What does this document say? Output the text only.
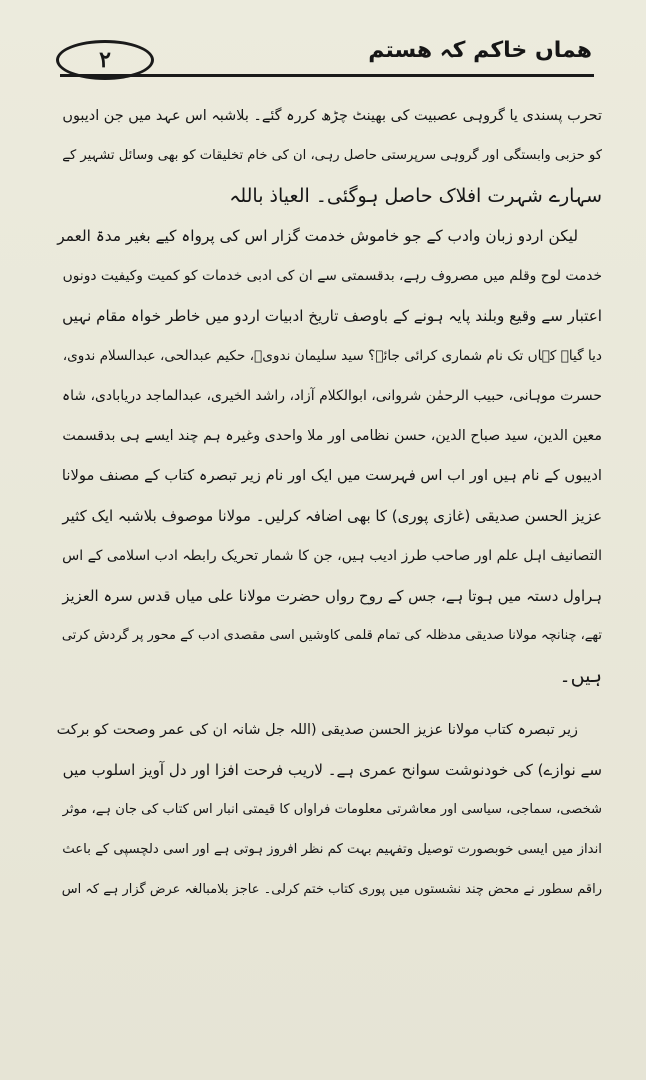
۲	ھماں خاکم کہ ھستم
تحرب پسندی یا گروہی عصبیت کی بھینٹ چڑھ کررہ گئے۔ بلاشبہ اس عہد میں جن ادیبوں
کو حزبی وابستگی اور گروہی سرپرستی حاصل رہی، ان کی خام تخلیقات کو بھی وسائل تشہیر کے
سہارے شہرت افلاک حاصل ہوگئی۔ العیاذ باللہ
لیکن اردو زبان وادب کے جو خاموش خدمت گزار اس کی پرواہ کیے بغیر مدۃ العمر
خدمت لوح وقلم میں مصروف رہے، بدقسمتی سے ان کی ادبی خدمات کو کمیت وکیفیت دونوں
اعتبار سے وقیع وبلند پایہ ہونے کے باوصف تاریخ ادبیات اردو میں خاطر خواہ مقام نہیں
دیا گیا۔ کہاں تک نام شماری کرائی جائے؟ سید سلیمان ندویؒ، حکیم عبدالحی، عبدالسلام ندوی،
حسرت موہانی، حبیب الرحمٰن شروانی، ابوالکلام آزاد، راشد الخیری، عبدالماجد دریابادی، شاہ
معین الدین، سید صباح الدین، حسن نظامی اور ملا واحدی وغیرہ ہم چند ایسے ہی بدقسمت
ادیبوں کے نام ہیں اور اب اس فہرست میں ایک اور نام زیر تبصرہ کتاب کے مصنف مولانا
عزیز الحسن صدیقی (غازی پوری) کا بھی اضافہ کرلیں۔ مولانا موصوف بلاشبہ ایک کثیر
التصانیف اہل علم اور صاحب طرز ادیب ہیں، جن کا شمار تحریک رابطہ ادب اسلامی کے اس
ہراول دستہ میں ہوتا ہے، جس کے روح رواں حضرت مولانا علی میاں قدس سرہ العزیز
تھے، چنانچہ مولانا صدیقی مدظلہ کی تمام قلمی کاوشیں اسی مقصدی ادب کے محور پر گردش کرتی
ہیں۔
زیر تبصرہ کتاب مولانا عزیز الحسن صدیقی (اللہ جل شانہ ان کی عمر وصحت کو برکت
سے نوازے) کی خودنوشت سوانح عمری ہے۔ لاریب فرحت افزا اور دل آویز اسلوب میں
شخصی، سماجی، سیاسی اور معاشرتی معلومات فراواں کا قیمتی انبار اس کتاب کی جان ہے، موثر
انداز میں ایسی خوبصورت توصیل وتفہیم بہت کم نظر افروز ہوتی ہے اور اسی دلچسپی کے باعث
راقم سطور نے محض چند نشستوں میں پوری کتاب ختم کرلی۔ عاجز بلامبالغہ عرض گزار ہے کہ اس
